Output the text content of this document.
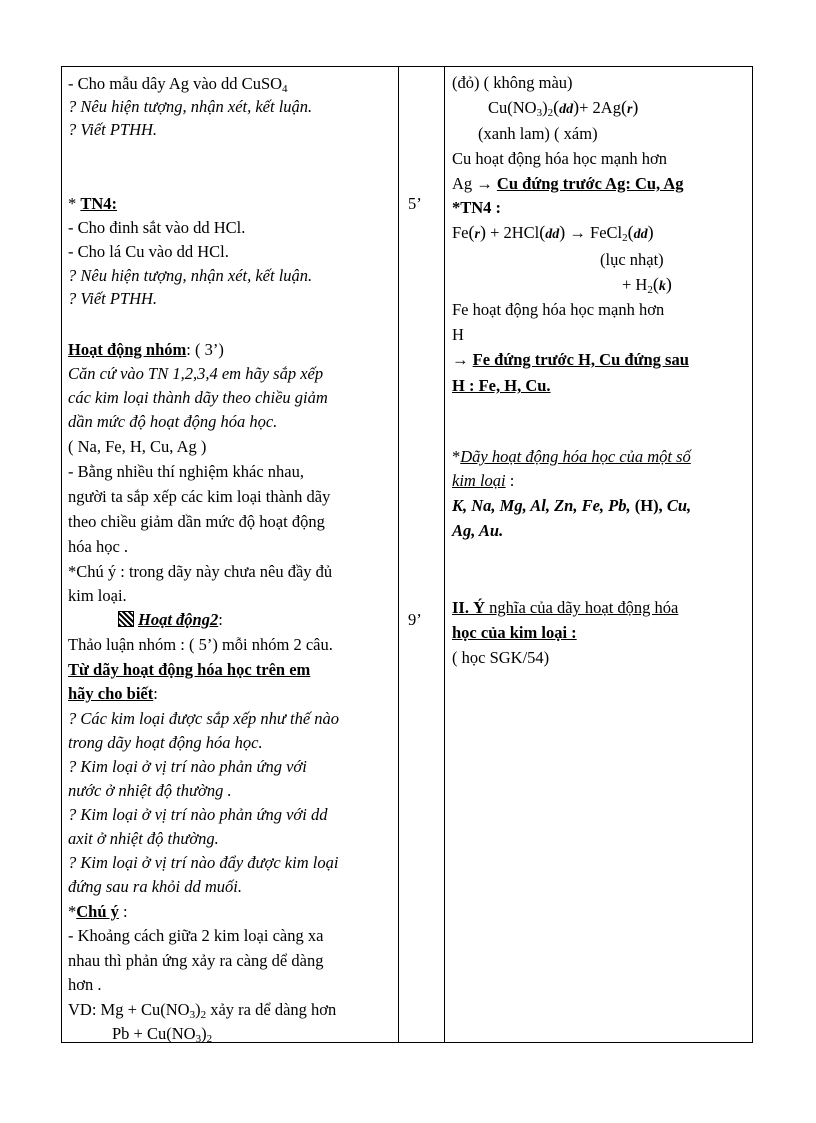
- Cho mẫu dây Ag vào dd CuSO$_4$
? Nêu hiện tượng, nhận xét, kết luận.
? Viết PTHH.
* TN4:
- Cho đinh sắt vào dd HCl.
- Cho lá Cu vào dd HCl.
? Nêu hiện tượng, nhận xét, kết luận.
? Viết PTHH.
Hoạt động nhóm: ( 3’)
Căn cứ vào TN 1,2,3,4 em hãy sắp xếp
các kim loại thành dãy theo chiều giảm
dần mức độ hoạt động hóa học.
( Na, Fe, H, Cu, Ag )
- Bằng nhiều thí nghiệm khác nhau,
người ta sắp xếp các kim loại thành dãy
theo chiều giảm dần mức độ hoạt động
hóa học .
*Chú ý : trong dãy này chưa nêu đầy đủ
kim loại.
Hoạt động2:
Thảo luận nhóm : ( 5’) mỗi nhóm 2 câu.
Từ dãy hoạt động hóa học trên em
hãy cho biết:
? Các kim loại được sắp xếp như thế nào
trong dãy hoạt động hóa học.
? Kim loại ở vị trí nào phản ứng với
nước ở nhiệt độ thường .
? Kim loại ở vị trí nào phản ứng với dd
axit ở nhiệt độ thường.
? Kim loại ở vị trí nào đẩy được kim loại
đứng sau ra khỏi dd muối.
*Chú ý :
- Khoảng cách giữa 2 kim loại càng xa
nhau thì phản ứng xảy ra càng dể dàng
hơn .
VD: $Mg + Cu(NO_3)_2$ xảy ra dể dàng hơn
$Pb + Cu(NO_3)_2$
5’
9’
(đỏ) ( không màu)
$Cu(NO_3)_2(dd)+ 2Ag(r)$
(xanh lam) ( xám)
Cu hoạt động hóa học mạnh hơn
Ag → Cu đứng trước Ag: Cu, Ag
*TN4 :
Fe(r) + 2HCl(dd) → FeCl$_2$(dd)
(lục nhạt)
+ $H_2(k)$
Fe hoạt động hóa học mạnh hơn
H
→ Fe đứng trước H, Cu đứng sau
H : Fe, H, Cu.
*Dãy hoạt động hóa học của một số
kim loại :
K, Na, Mg, Al, Zn, Fe, Pb, (H), Cu,
Ag, Au.
II. Ý nghĩa của dãy hoạt động hóa
học của kim loại :
( học SGK/54)
